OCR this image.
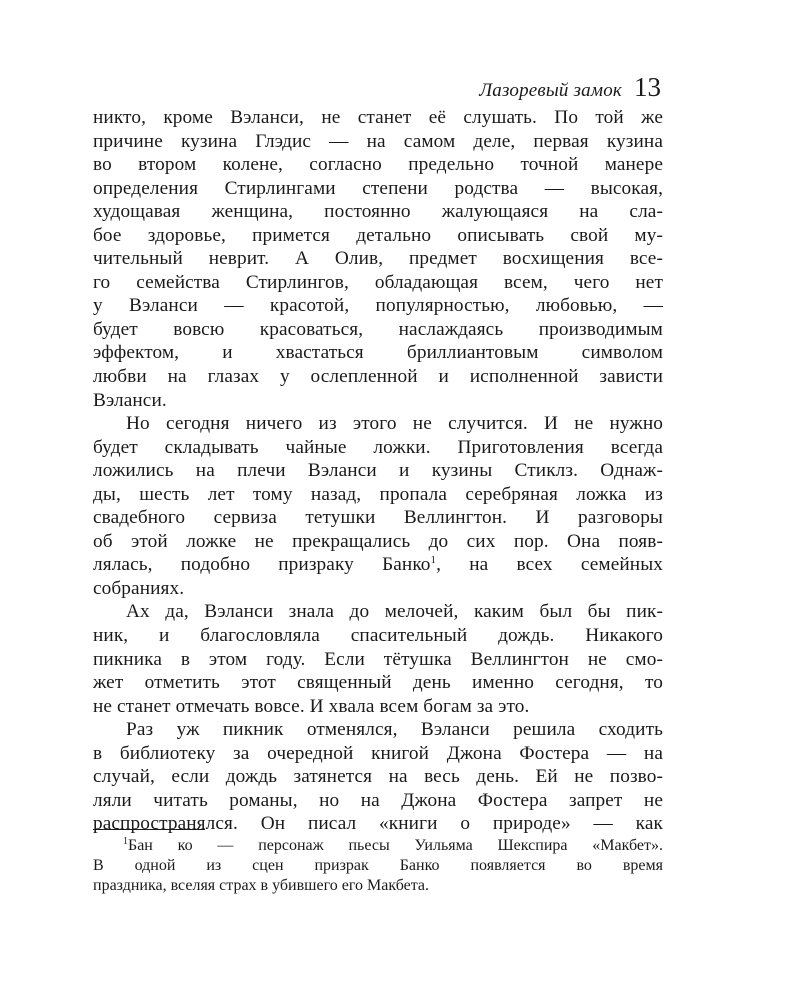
Лазоревый замок 13
никто, кроме Вэланси, не станет её слушать. По той же
причине кузина Глэдис — на самом деле, первая кузина
во втором колене, согласно предельно точной манере
определения Стирлингами степени родства — высокая,
худощавая женщина, постоянно жалующаяся на сла-
бое здоровье, примется детально описывать свой му-
чительный неврит. А Олив, предмет восхищения все-
го семейства Стирлингов, обладающая всем, чего нет
у Вэланси — красотой, популярностью, любовью, —
будет вовсю красоваться, наслаждаясь производимым
эффектом, и хвастаться бриллиантовым символом
любви на глазах у ослепленной и исполненной зависти
Вэланси.
Но сегодня ничего из этого не случится. И не нужно
будет складывать чайные ложки. Приготовления всегда
ложились на плечи Вэланси и кузины Стиклз. Однаж-
ды, шесть лет тому назад, пропала серебряная ложка из
свадебного сервиза тетушки Веллингтон. И разговоры
об этой ложке не прекращались до сих пор. Она появ-
лялась, подобно призраку Банко$^1$, на всех семейных
собраниях.
Ах да, Вэланси знала до мелочей, каким был бы пик-
ник, и благословляла спасительный дождь. Никакого
пикника в этом году. Если тётушка Веллингтон не смо-
жет отметить этот священный день именно сегодня, то
не станет отмечать вовсе. И хвала всем богам за это.
Раз уж пикник отменялся, Вэланси решила сходить
в библиотеку за очередной книгой Джона Фостера — на
случай, если дождь затянется на весь день. Ей не позво-
ляли читать романы, но на Джона Фостера запрет не
распространялся. Он писал «книги о природе» — как
$^1$Бан ко — персонаж пьесы Уильяма Шекспира «Макбет».
В одной из сцен призрак Банко появляется во время
праздника, вселяя страх в убившего его Макбета.
